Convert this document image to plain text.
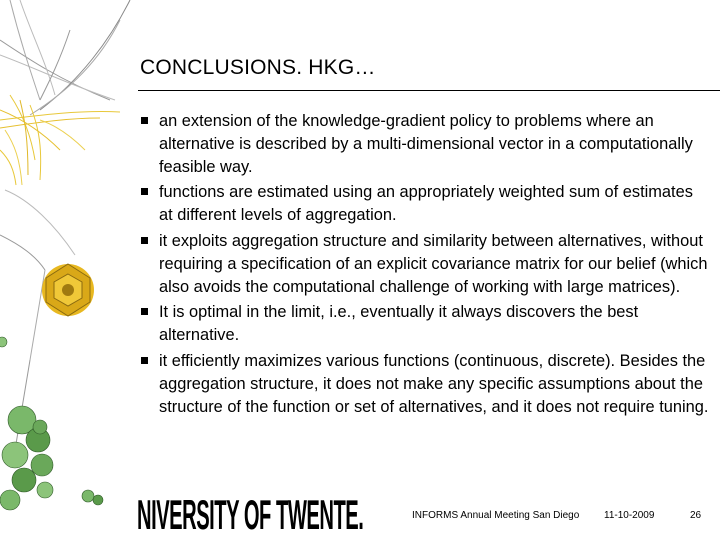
CONCLUSIONS. HKG…
an extension of the knowledge-gradient policy to problems where an alternative is described by a multi-dimensional vector in a computationally feasible way.
functions are estimated using an appropriately weighted sum of estimates at different levels of aggregation.
it exploits aggregation structure and similarity between alternatives, without requiring a specification of an explicit covariance matrix for our belief (which also avoids the computational challenge of working with large matrices).
It is optimal in the limit, i.e., eventually it always discovers the best alternative.
it efficiently maximizes various functions (continuous, discrete). Besides the aggregation structure, it does not make any specific assumptions about the structure of the function or set of alternatives, and it does not require tuning.
NIVERSITY OF TWENTE.	INFORMS Annual Meeting San Diego 11-10-2009	26
